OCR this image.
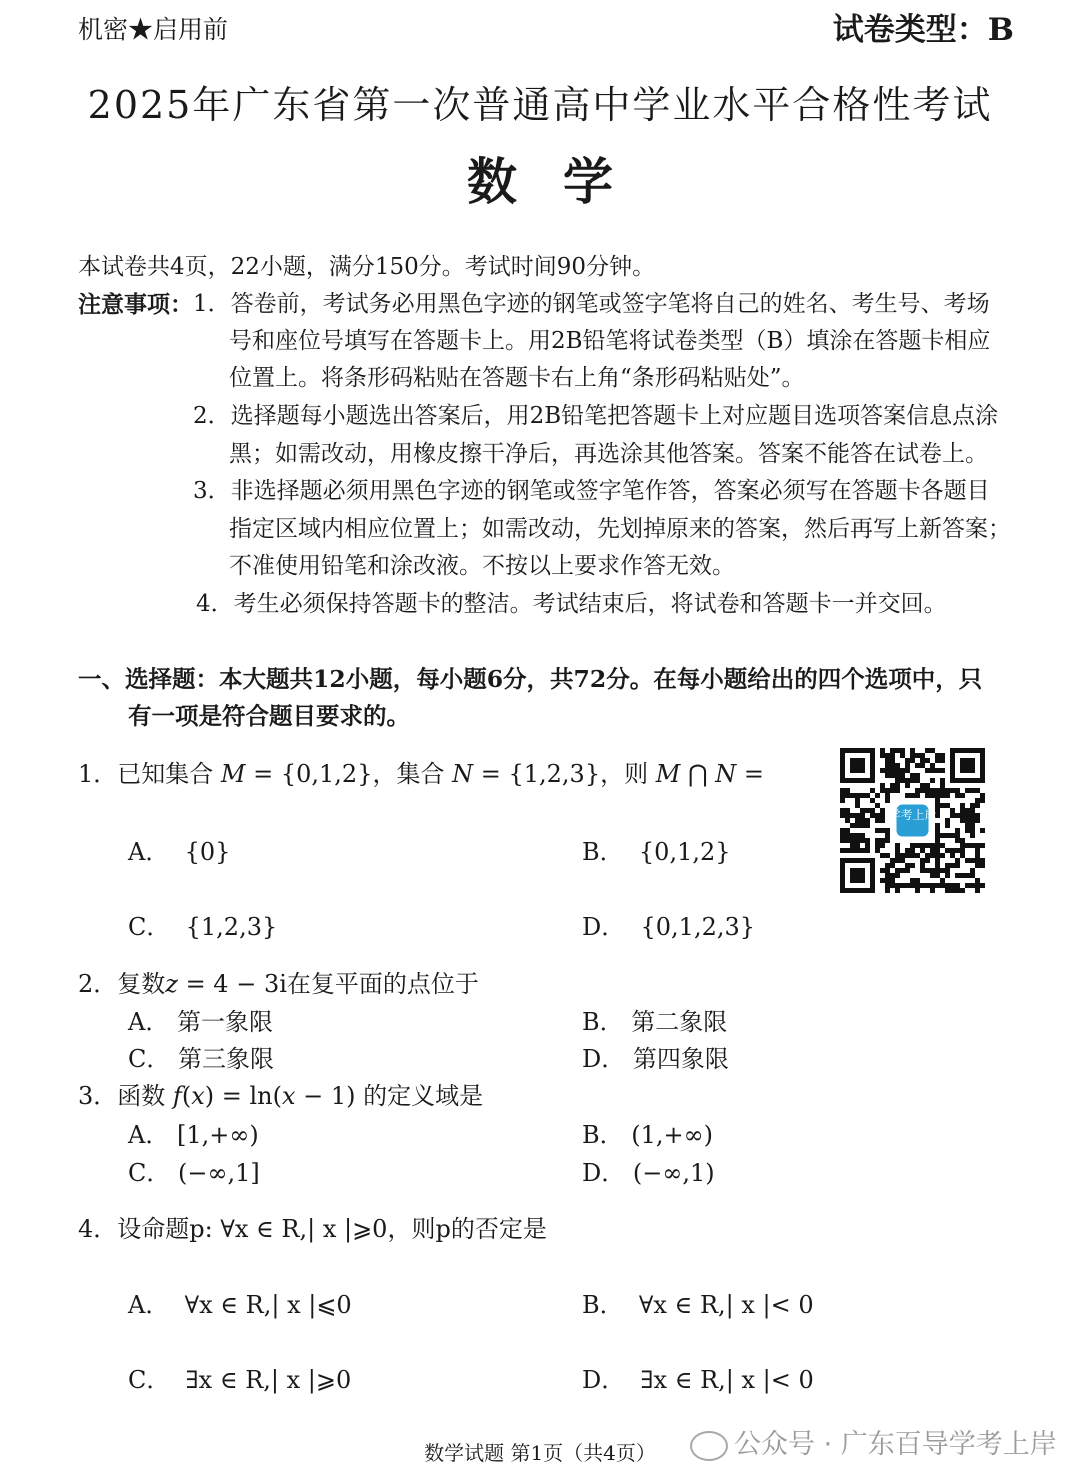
机密★启用前	试卷类型：B
2025年广东省第一次普通高中学业水平合格性考试
数学
本试卷共4页，22小题，满分150分。考试时间90分钟。
注意事项： 1．答卷前，考试务必用黑色字迹的钢笔或签字笔将自己的姓名、考生号、考场
号和座位号填写在答题卡上。用2B铅笔将试卷类型（B）填涂在答题卡相应
位置上。将条形码粘贴在答题卡右上角“条形码粘贴处”。
2．选择题每小题选出答案后，用2B铅笔把答题卡上对应题目选项答案信息点涂
黑；如需改动，用橡皮擦干净后，再选涂其他答案。答案不能答在试卷上。
3．非选择题必须用黑色字迹的钢笔或签字笔作答，答案必须写在答题卡各题目
指定区域内相应位置上；如需改动，先划掉原来的答案，然后再写上新答案；
不准使用铅笔和涂改液。不按以上要求作答无效。
4．考生必须保持答题卡的整洁。考试结束后，将试卷和答题卡一并交回。
一、选择题：本大题共12小题，每小题6分，共72分。在每小题给出的四个选项中，只
有一项是符合题目要求的。
1．已知集合 M = {0,1,2}，集合 N = {1,2,3}，则 M ⋂ N =
A． {0}	B． {0,1,2}
C． {1,2,3}	D． {0,1,2,3}
学考上岸
2．复数z = 4 − 3i在复平面的点位于
A． 第一象限	B． 第二象限
C． 第三象限	D． 第四象限
3．函数 f(x) = ln(x − 1) 的定义域是
A． [1,+∞)	B． (1,+∞)
C． (−∞,1]	D． (−∞,1)
4．设命题p: ∀x ∈ R,| x |⩾0，则p的否定是
A． ∀x ∈ R,| x |⩽0	B． ∀x ∈ R,| x |< 0
C． ∃x ∈ R,| x |⩾0	D． ∃x ∈ R,| x |< 0
数学试题 第1页（共4页）	公众号 · 广东百导学考上岸
